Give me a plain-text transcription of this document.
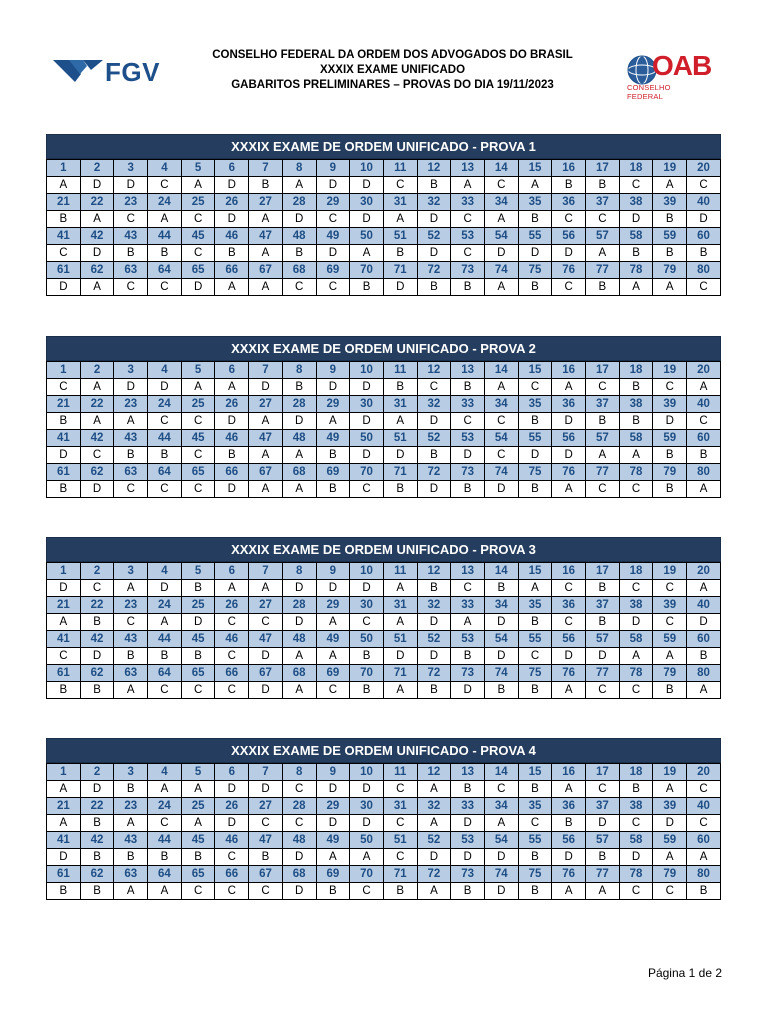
FGV
CONSELHO FEDERAL DA ORDEM DOS ADVOGADOS DO BRASIL
XXXIX EXAME UNIFICADO
GABARITOS PRELIMINARES – PROVAS DO DIA 19/11/2023
OAB
CONSELHO FEDERAL
XXXIX EXAME DE ORDEM UNIFICADO - PROVA 1
1	2	3	4	5	6	7	8	9	10	11	12	13	14	15	16	17	18	19	20
A	D	D	C	A	D	B	A	D	D	C	B	A	C	A	B	B	C	A	C
21	22	23	24	25	26	27	28	29	30	31	32	33	34	35	36	37	38	39	40
B	A	C	A	C	D	A	D	C	D	A	D	C	A	B	C	C	D	B	D
41	42	43	44	45	46	47	48	49	50	51	52	53	54	55	56	57	58	59	60
C	D	B	B	C	B	A	B	D	A	B	D	C	D	D	D	A	B	B	B
61	62	63	64	65	66	67	68	69	70	71	72	73	74	75	76	77	78	79	80
D	A	C	C	D	A	A	C	C	B	D	B	B	A	B	C	B	A	A	C
XXXIX EXAME DE ORDEM UNIFICADO - PROVA 2
1	2	3	4	5	6	7	8	9	10	11	12	13	14	15	16	17	18	19	20
C	A	D	D	A	A	D	B	D	D	B	C	B	A	C	A	C	B	C	A
21	22	23	24	25	26	27	28	29	30	31	32	33	34	35	36	37	38	39	40
B	A	A	C	C	D	A	D	A	D	A	D	C	C	B	D	B	B	D	C
41	42	43	44	45	46	47	48	49	50	51	52	53	54	55	56	57	58	59	60
D	C	B	B	C	B	A	A	B	D	D	B	D	C	D	D	A	A	B	B
61	62	63	64	65	66	67	68	69	70	71	72	73	74	75	76	77	78	79	80
B	D	C	C	C	D	A	A	B	C	B	D	B	D	B	A	C	C	B	A
XXXIX EXAME DE ORDEM UNIFICADO - PROVA 3
1	2	3	4	5	6	7	8	9	10	11	12	13	14	15	16	17	18	19	20
D	C	A	D	B	A	A	D	D	D	A	B	C	B	A	C	B	C	C	A
21	22	23	24	25	26	27	28	29	30	31	32	33	34	35	36	37	38	39	40
A	B	C	A	D	C	C	D	A	C	A	D	A	D	B	C	B	D	C	D
41	42	43	44	45	46	47	48	49	50	51	52	53	54	55	56	57	58	59	60
C	D	B	B	B	C	D	A	A	B	D	D	B	D	C	D	D	A	A	B
61	62	63	64	65	66	67	68	69	70	71	72	73	74	75	76	77	78	79	80
B	B	A	C	C	C	D	A	C	B	A	B	D	B	B	A	C	C	B	A
XXXIX EXAME DE ORDEM UNIFICADO - PROVA 4
1	2	3	4	5	6	7	8	9	10	11	12	13	14	15	16	17	18	19	20
A	D	B	A	A	D	D	C	D	D	C	A	B	C	B	A	C	B	A	C
21	22	23	24	25	26	27	28	29	30	31	32	33	34	35	36	37	38	39	40
A	B	A	C	A	D	C	C	D	D	C	A	D	A	C	B	D	C	D	C
41	42	43	44	45	46	47	48	49	50	51	52	53	54	55	56	57	58	59	60
D	B	B	B	B	C	B	D	A	A	C	D	D	D	B	D	B	D	A	A
61	62	63	64	65	66	67	68	69	70	71	72	73	74	75	76	77	78	79	80
B	B	A	A	C	C	C	D	B	C	B	A	B	D	B	A	A	C	C	B
Página 1 de 2
